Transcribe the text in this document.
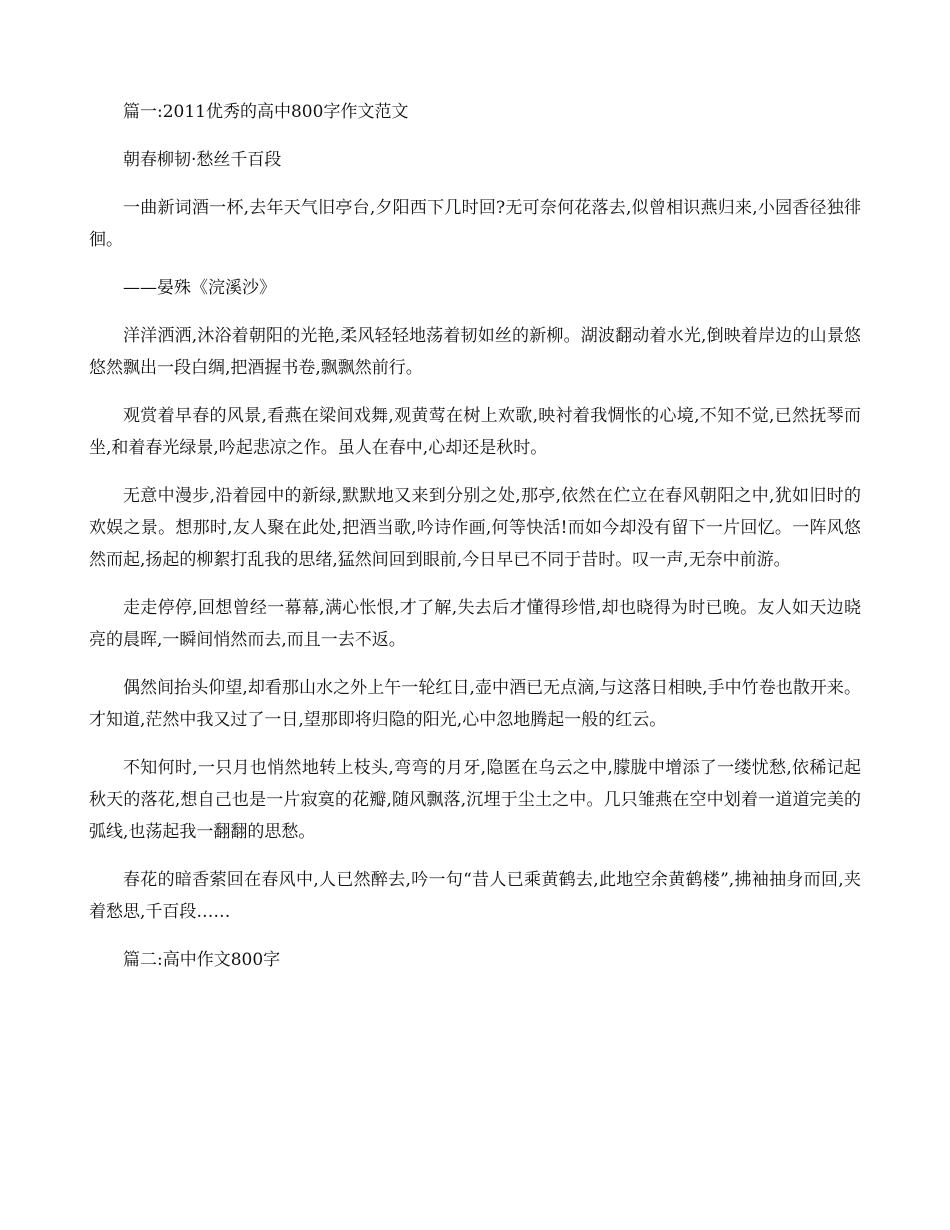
篇一:2011优秀的高中800字作文范文

朝春柳韧·愁丝千百段

一曲新词酒一杯,去年天气旧亭台,夕阳西下几时回?无可奈何花落去,似曾相识燕归来,小园香径独徘徊。

——晏殊《浣溪沙》

洋洋洒洒,沐浴着朝阳的光艳,柔风轻轻地荡着韧如丝的新柳。湖波翻动着水光,倒映着岸边的山景悠悠然飘出一段白绸,把酒握书卷,飘飘然前行。

观赏着早春的风景,看燕在梁间戏舞,观黄莺在树上欢歌,映衬着我惆怅的心境,不知不觉,已然抚琴而坐,和着春光绿景,吟起悲凉之作。虽人在春中,心却还是秋时。

无意中漫步,沿着园中的新绿,默默地又来到分别之处,那亭,依然在伫立在春风朝阳之中,犹如旧时的欢娱之景。想那时,友人聚在此处,把酒当歌,吟诗作画,何等快活!而如今却没有留下一片回忆。一阵风悠然而起,扬起的柳絮打乱我的思绪,猛然间回到眼前,今日早已不同于昔时。叹一声,无奈中前游。

走走停停,回想曾经一幕幕,满心怅恨,才了解,失去后才懂得珍惜,却也晓得为时已晚。友人如天边晓亮的晨晖,一瞬间悄然而去,而且一去不返。

偶然间抬头仰望,却看那山水之外上午一轮红日,壶中酒已无点滴,与这落日相映,手中竹卷也散开来。才知道,茫然中我又过了一日,望那即将归隐的阳光,心中忽地腾起一般的红云。

不知何时,一只月也悄然地转上枝头,弯弯的月牙,隐匿在乌云之中,朦胧中增添了一缕忧愁,依稀记起秋天的落花,想自己也是一片寂寞的花瓣,随风飘落,沉埋于尘土之中。几只雏燕在空中划着一道道完美的弧线,也荡起我一翻翻的思愁。

春花的暗香萦回在春风中,人已然醉去,吟一句“昔人已乘黄鹤去,此地空余黄鹤楼”,拂袖抽身而回,夹着愁思,千百段……

篇二:高中作文800字
